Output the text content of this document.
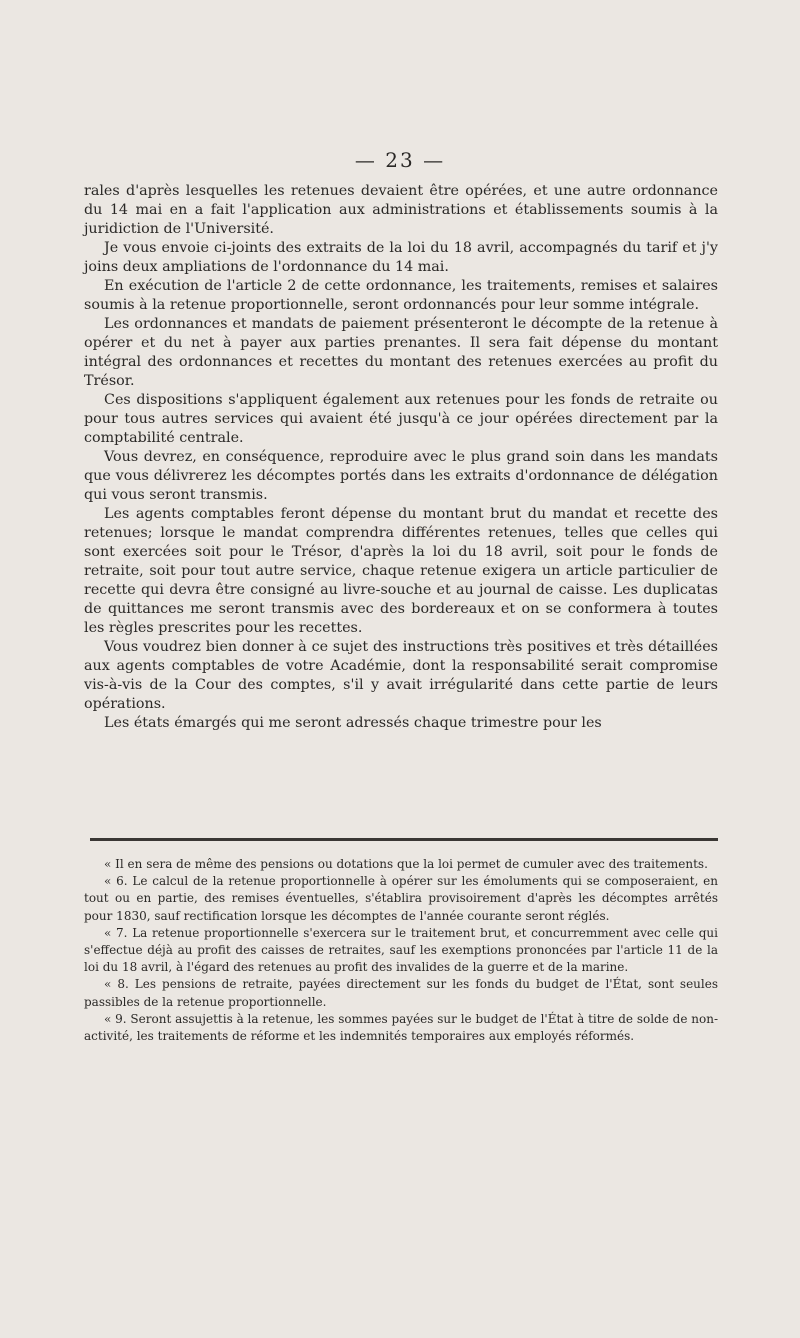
— 23 —

rales d'après lesquelles les retenues devaient être opérées, et une autre ordonnance du 14 mai en a fait l'application aux administrations et établissements soumis à la juridiction de l'Université.

Je vous envoie ci-joints des extraits de la loi du 18 avril, accompagnés du tarif et j'y joins deux ampliations de l'ordonnance du 14 mai.

En exécution de l'article 2 de cette ordonnance, les traitements, remises et salaires soumis à la retenue proportionnelle, seront ordonnancés pour leur somme intégrale.

Les ordonnances et mandats de paiement présenteront le décompte de la retenue à opérer et du net à payer aux parties prenantes. Il sera fait dépense du montant intégral des ordonnances et recettes du montant des retenues exercées au profit du Trésor.

Ces dispositions s'appliquent également aux retenues pour les fonds de retraite ou pour tous autres services qui avaient été jusqu'à ce jour opérées directement par la comptabilité centrale.

Vous devrez, en conséquence, reproduire avec le plus grand soin dans les mandats que vous délivrerez les décomptes portés dans les extraits d'ordonnance de délégation qui vous seront transmis.

Les agents comptables feront dépense du montant brut du mandat et recette des retenues; lorsque le mandat comprendra différentes retenues, telles que celles qui sont exercées soit pour le Trésor, d'après la loi du 18 avril, soit pour le fonds de retraite, soit pour tout autre service, chaque retenue exigera un article particulier de recette qui devra être consigné au livre-souche et au journal de caisse. Les duplicatas de quittances me seront transmis avec des bordereaux et on se conformera à toutes les règles prescrites pour les recettes.

Vous voudrez bien donner à ce sujet des instructions très positives et très détaillées aux agents comptables de votre Académie, dont la responsabilité serait compromise vis-à-vis de la Cour des comptes, s'il y avait irrégularité dans cette partie de leurs opérations.

Les états émargés qui me seront adressés chaque trimestre pour les

« Il en sera de même des pensions ou dotations que la loi permet de cumuler avec des traitements.

« 6. Le calcul de la retenue proportionnelle à opérer sur les émoluments qui se composeraient, en tout ou en partie, des remises éventuelles, s'établira provisoirement d'après les décomptes arrêtés pour 1830, sauf rectification lorsque les décomptes de l'année courante seront réglés.

« 7. La retenue proportionnelle s'exercera sur le traitement brut, et concurremment avec celle qui s'effectue déjà au profit des caisses de retraites, sauf les exemptions prononcées par l'article 11 de la loi du 18 avril, à l'égard des retenues au profit des invalides de la guerre et de la marine.

« 8. Les pensions de retraite, payées directement sur les fonds du budget de l'État, sont seules passibles de la retenue proportionnelle.

« 9. Seront assujettis à la retenue, les sommes payées sur le budget de l'État à titre de solde de non-activité, les traitements de réforme et les indemnités temporaires aux employés réformés.
